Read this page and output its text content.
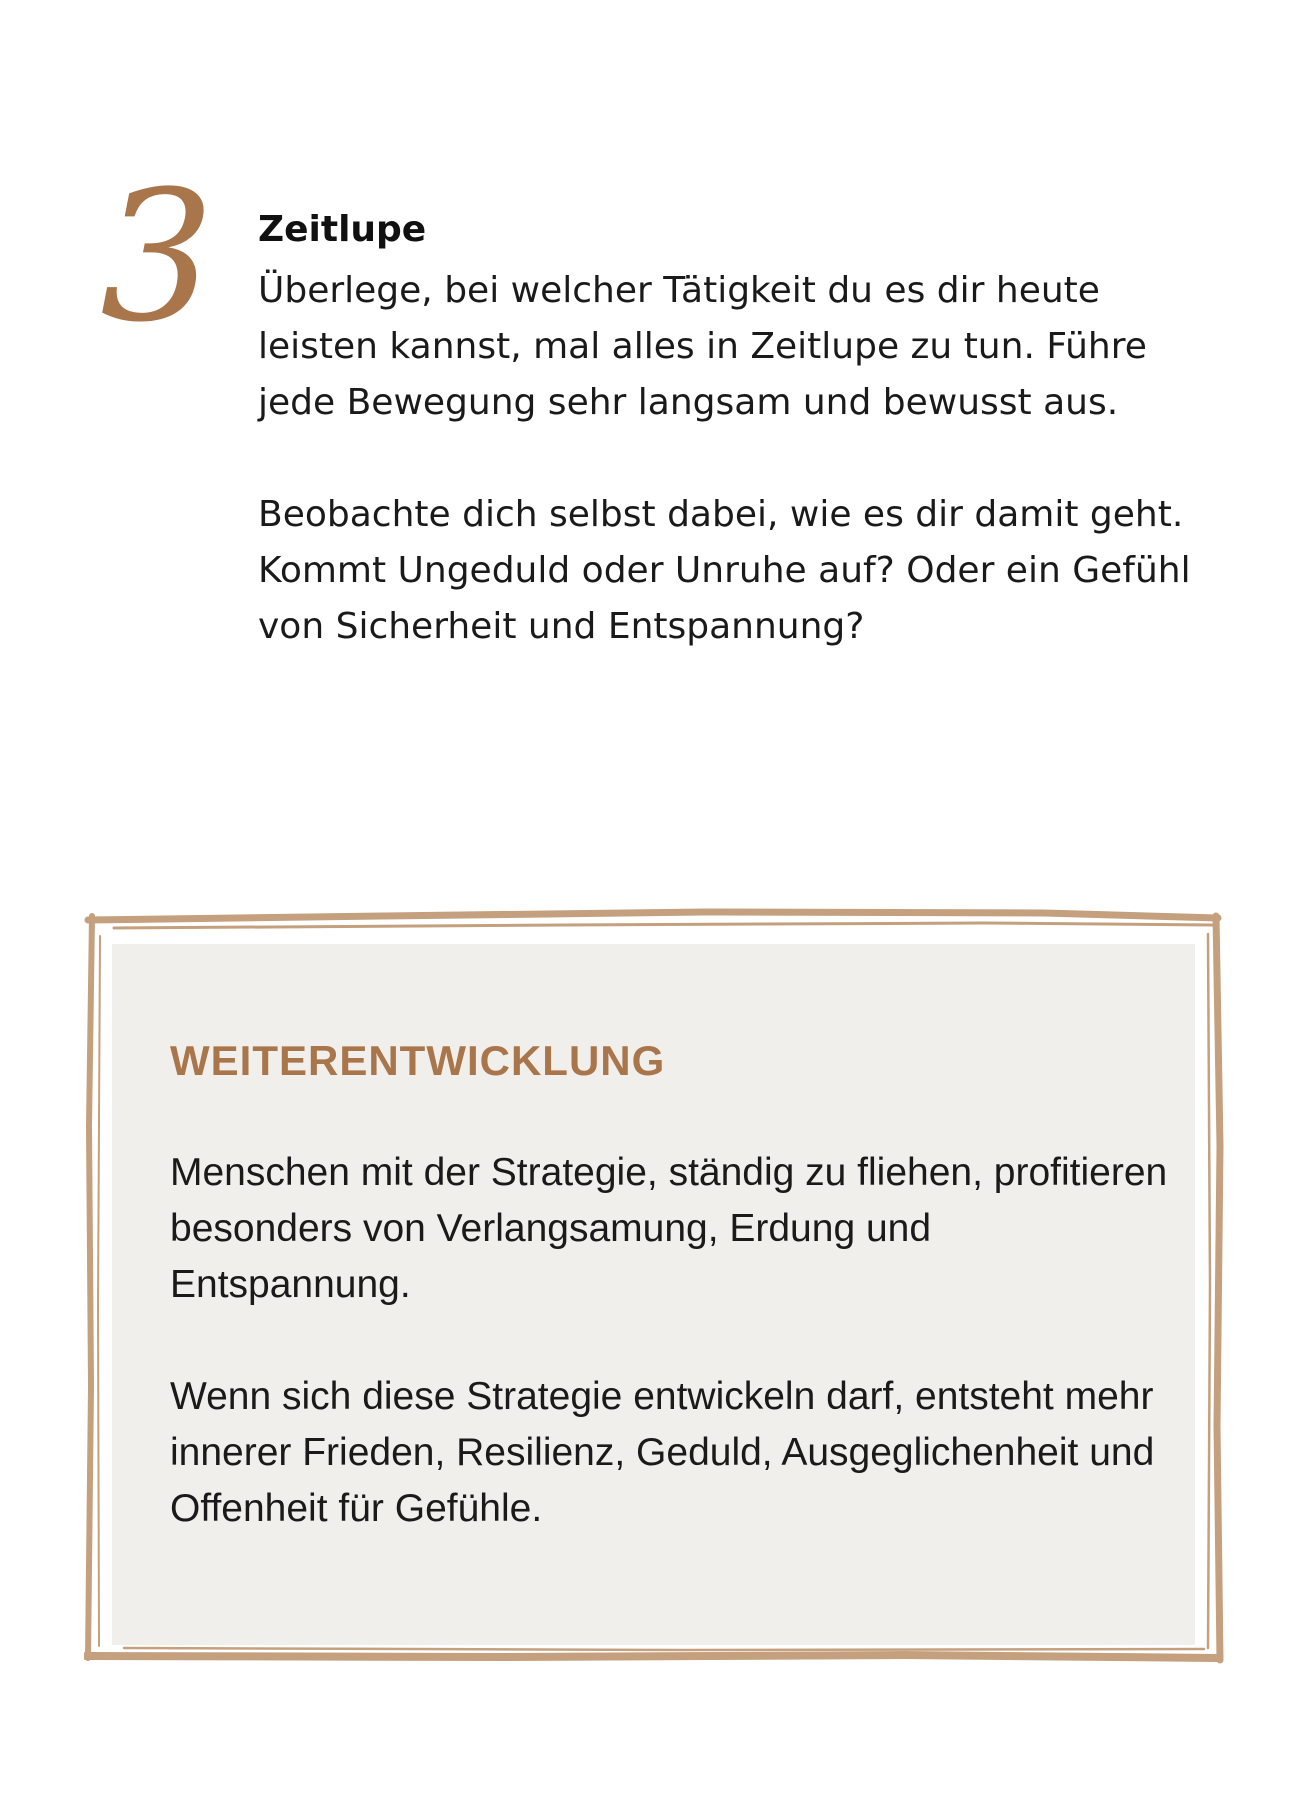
3 Zeitlupe

Überlege, bei welcher Tätigkeit du es dir heute leisten kannst, mal alles in Zeitlupe zu tun. Führe jede Bewegung sehr langsam und bewusst aus.

Beobachte dich selbst dabei, wie es dir damit geht. Kommt Ungeduld oder Unruhe auf? Oder ein Gefühl von Sicherheit und Entspannung?

WEITERENTWICKLUNG

Menschen mit der Strategie, ständig zu fliehen, profitieren besonders von Verlangsamung, Erdung und Entspannung.

Wenn sich diese Strategie entwickeln darf, entsteht mehr innerer Frieden, Resilienz, Geduld, Ausgeglichenheit und Offenheit für Gefühle.
